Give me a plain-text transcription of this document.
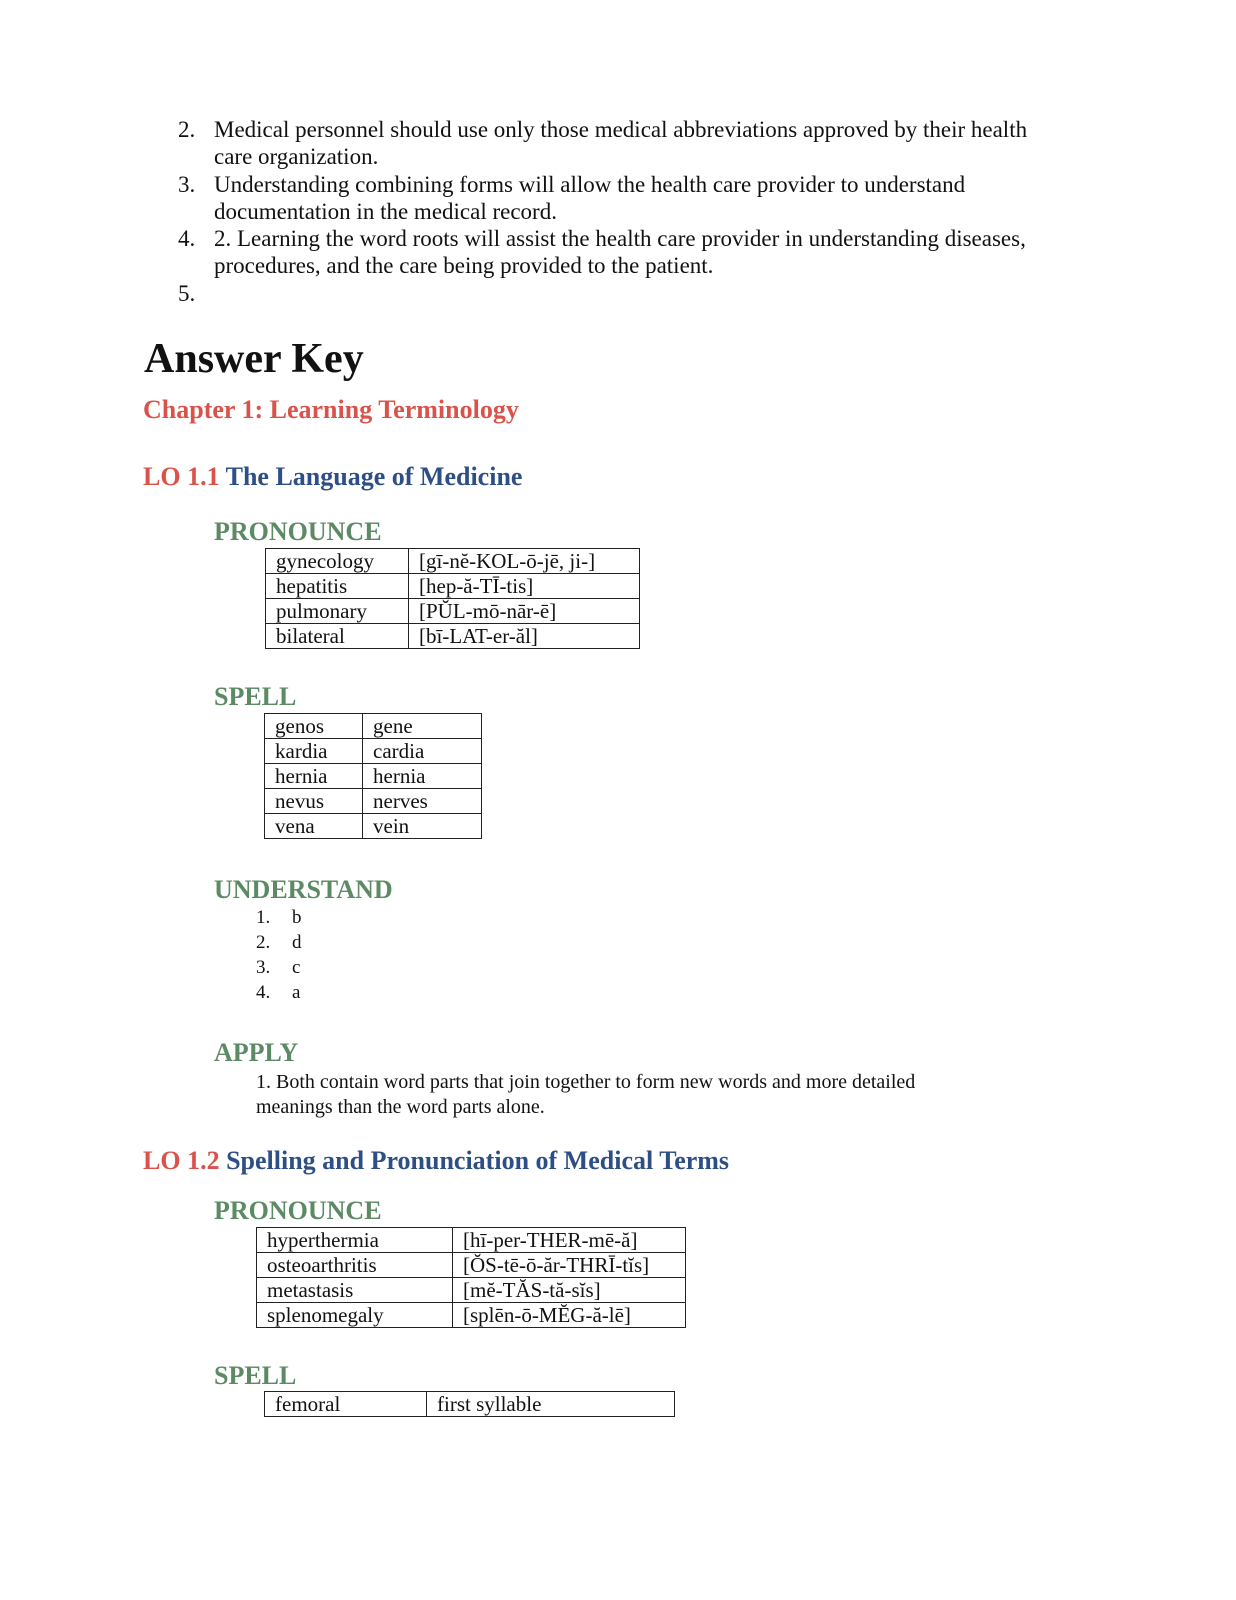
2. Medical personnel should use only those medical abbreviations approved by their health
care organization.
3. Understanding combining forms will allow the health care provider to understand
documentation in the medical record.
4. 2. Learning the word roots will assist the health care provider in understanding diseases,
procedures, and the care being provided to the patient.
5.
Answer Key
Chapter 1: Learning Terminology
LO 1.1 The Language of Medicine
PRONOUNCE
gynecology	[gī-nĕ-KOL-ō-jē, ji-]
hepatitis	[hep-ă-TĪ-tis]
pulmonary	[PŬL-mō-nār-ē]
bilateral	[bī-LAT-er-ăl]
SPELL
genos	gene
kardia	cardia
hernia	hernia
nevus	nerves
vena	vein
UNDERSTAND
1. b
2. d
3. c
4. a
APPLY
1. Both contain word parts that join together to form new words and more detailed
meanings than the word parts alone.
LO 1.2 Spelling and Pronunciation of Medical Terms
PRONOUNCE
hyperthermia	[hī-per-THER-mē-ă]
osteoarthritis	[ŎS-tē-ō-ăr-THRĪ-tĭs]
metastasis	[mĕ-TĂS-tă-sĭs]
splenomegaly	[splēn-ō-MĔG-ă-lē]
SPELL
femoral	first syllable
